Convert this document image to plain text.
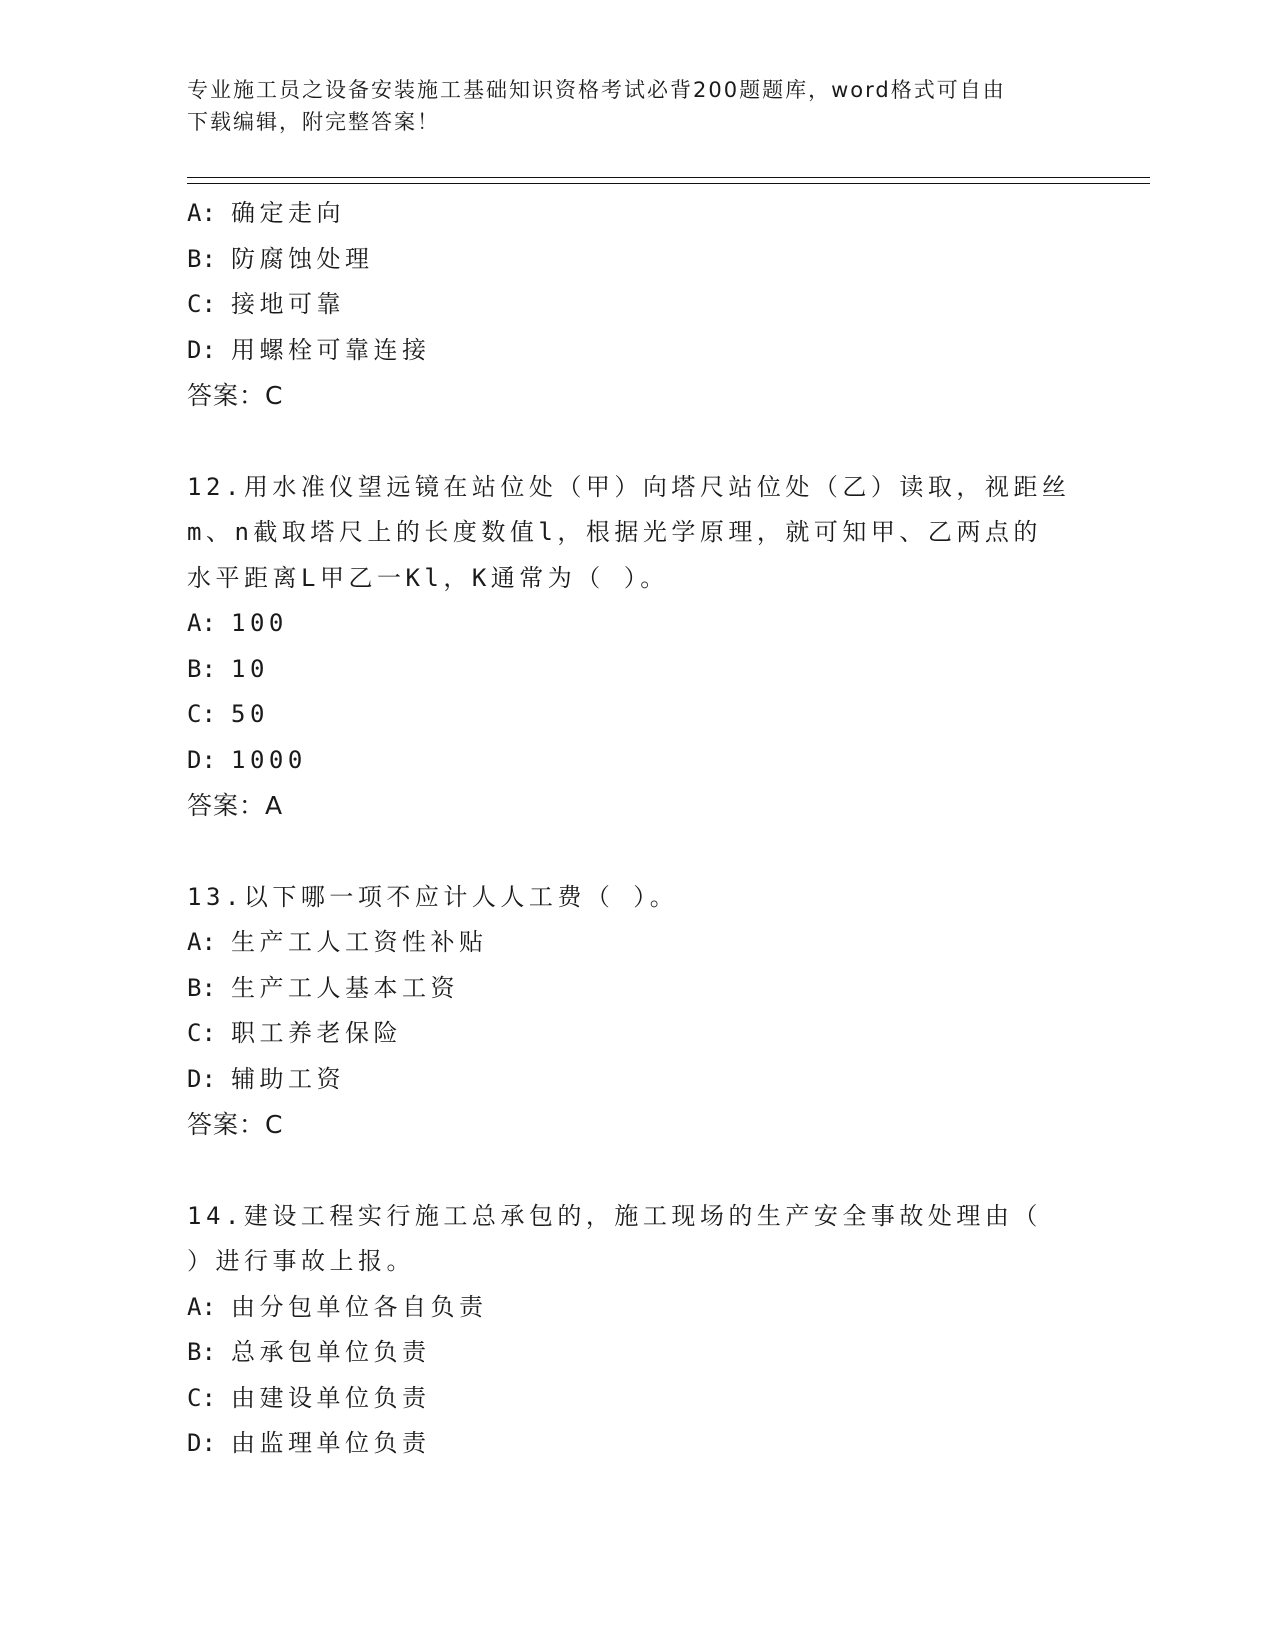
专业施工员之设备安装施工基础知识资格考试必背200题题库，word格式可自由
下载编辑，附完整答案！
A: 确定走向
B: 防腐蚀处理
C: 接地可靠
D: 用螺栓可靠连接
答案：C
12.用水准仪望远镜在站位处（甲）向塔尺站位处（乙）读取，视距丝
m、n截取塔尺上的长度数值l，根据光学原理，就可知甲、乙两点的
水平距离L甲乙一Kl，K通常为（ ）。
A: 100
B: 10
C: 50
D: 1000
答案：A
13.以下哪一项不应计人人工费（ ）。
A: 生产工人工资性补贴
B: 生产工人基本工资
C: 职工养老保险
D: 辅助工资
答案：C
14.建设工程实行施工总承包的，施工现场的生产安全事故处理由（
）进行事故上报。
A: 由分包单位各自负责
B: 总承包单位负责
C: 由建设单位负责
D: 由监理单位负责
